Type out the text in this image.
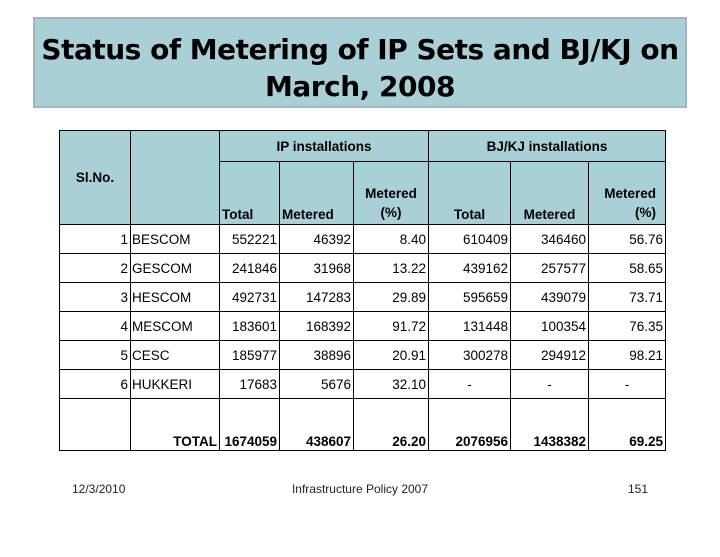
Status of Metering of IP Sets and BJ/KJ on March, 2008
Sl.No.		IP installations			BJ/KJ installations		
		Total	Metered	Metered (%)	Total	Metered	Metered (%)
1	BESCOM	552221	46392	8.40	610409	346460	56.76
2	GESCOM	241846	31968	13.22	439162	257577	58.65
3	HESCOM	492731	147283	29.89	595659	439079	73.71
4	MESCOM	183601	168392	91.72	131448	100354	76.35
5	CESC	185977	38896	20.91	300278	294912	98.21
6	HUKKERI	17683	5676	32.10	-	-	-
	TOTAL	1674059	438607	26.20	2076956	1438382	69.25
12/3/2010	Infrastructure Policy 2007	151
